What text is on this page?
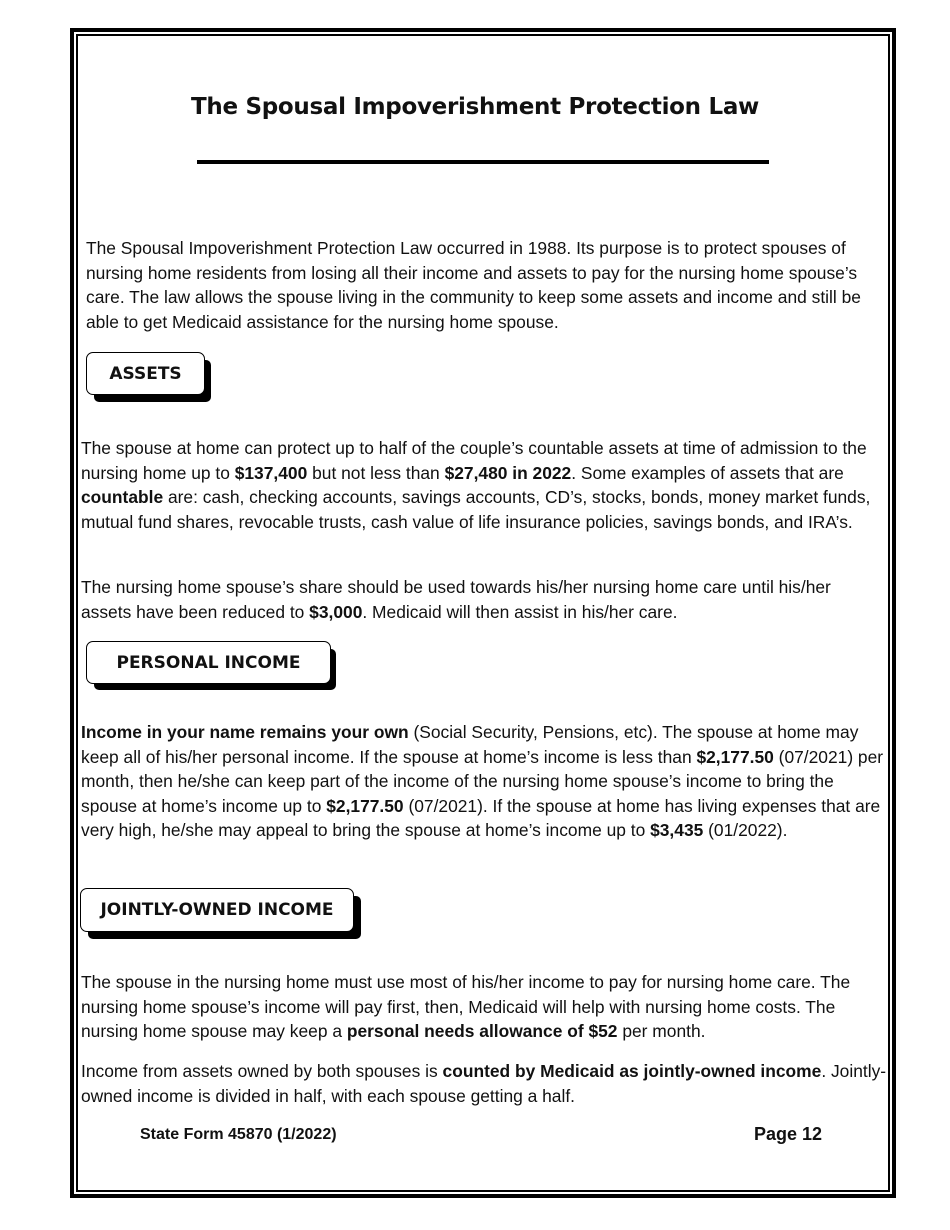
The Spousal Impoverishment Protection Law

The Spousal Impoverishment Protection Law occurred in 1988. Its purpose is to protect spouses of nursing home residents from losing all their income and assets to pay for the nursing home spouse’s care. The law allows the spouse living in the community to keep some assets and income and still be able to get Medicaid assistance for the nursing home spouse.

ASSETS

The spouse at home can protect up to half of the couple’s countable assets at time of admission to the nursing home up to $137,400 but not less than $27,480 in 2022. Some examples of assets that are countable are: cash, checking accounts, savings accounts, CD’s, stocks, bonds, money market funds, mutual fund shares, revocable trusts, cash value of life insurance policies, savings bonds, and IRA’s.

The nursing home spouse’s share should be used towards his/her nursing home care until his/her assets have been reduced to $3,000. Medicaid will then assist in his/her care.

PERSONAL INCOME

Income in your name remains your own (Social Security, Pensions, etc). The spouse at home may keep all of his/her personal income. If the spouse at home’s income is less than $2,177.50 (07/2021) per month, then he/she can keep part of the income of the nursing home spouse’s income to bring the spouse at home’s income up to $2,177.50 (07/2021). If the spouse at home has living expenses that are very high, he/she may appeal to bring the spouse at home’s income up to $3,435 (01/2022).

JOINTLY-OWNED INCOME

The spouse in the nursing home must use most of his/her income to pay for nursing home care. The nursing home spouse’s income will pay first, then, Medicaid will help with nursing home costs. The nursing home spouse may keep a personal needs allowance of $52 per month.

Income from assets owned by both spouses is counted by Medicaid as jointly-owned income. Jointly-owned income is divided in half, with each spouse getting a half.

State Form 45870 (1/2022)	Page 12
